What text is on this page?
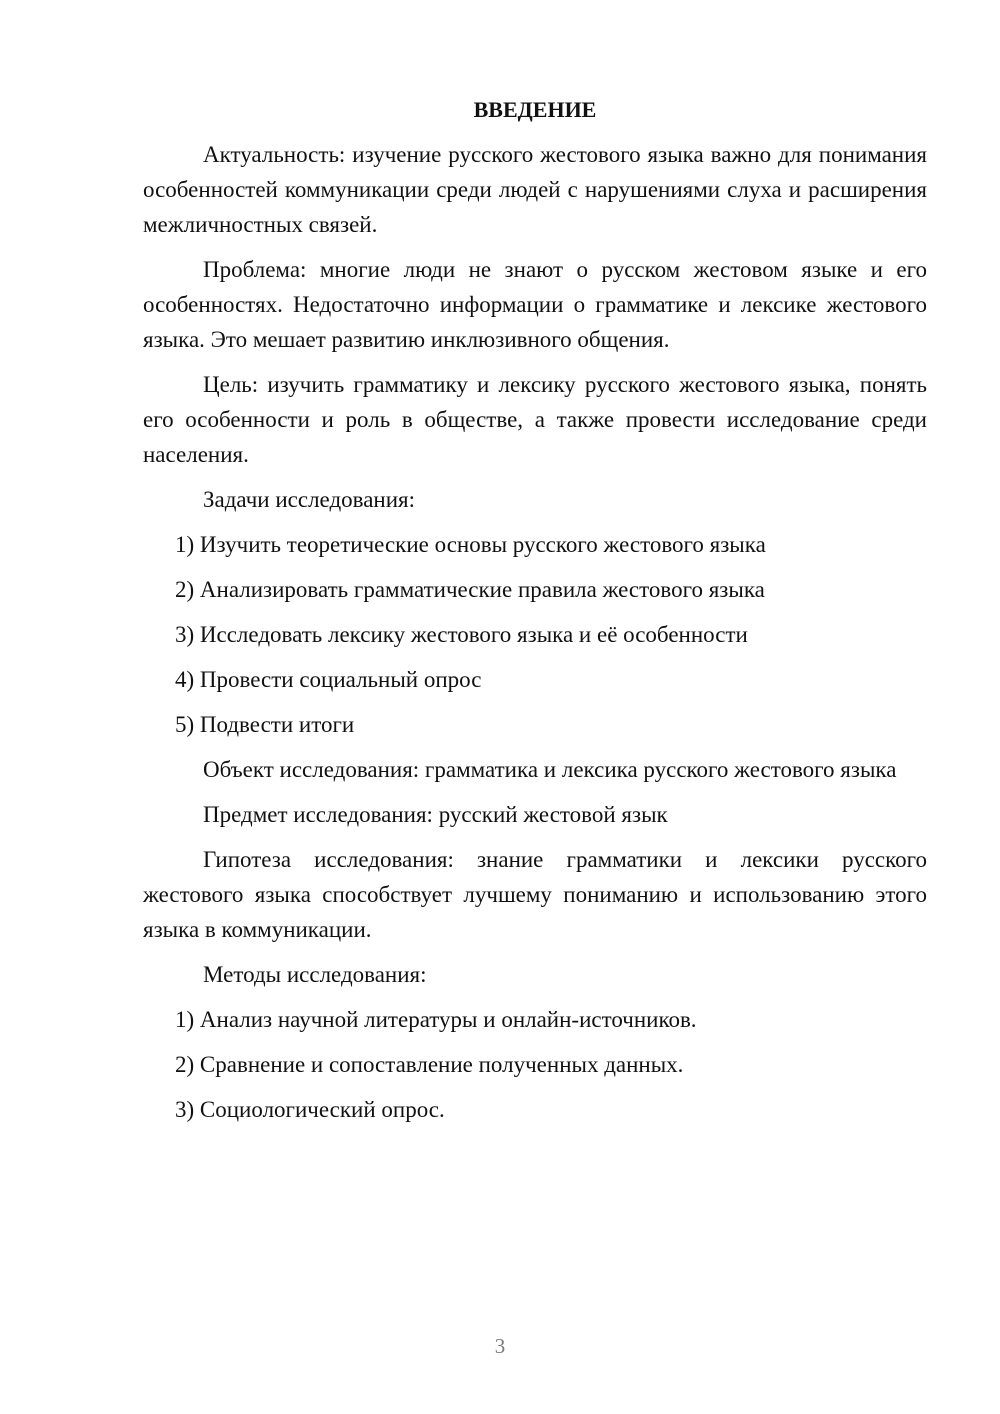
ВВЕДЕНИЕ

Актуальность: изучение русского жестового языка важно для понимания особенностей коммуникации среди людей с нарушениями слуха и расширения межличностных связей.

Проблема: многие люди не знают о русском жестовом языке и его особенностях. Недостаточно информации о грамматике и лексике жестового языка. Это мешает развитию инклюзивного общения.

Цель: изучить грамматику и лексику русского жестового языка, понять его особенности и роль в обществе, а также провести исследование среди населения.

Задачи исследования:

1) Изучить теоретические основы русского жестового языка
2) Анализировать грамматические правила жестового языка
3) Исследовать лексику жестового языка и её особенности
4) Провести социальный опрос
5) Подвести итоги

Объект исследования: грамматика и лексика русского жестового языка

Предмет исследования: русский жестовой язык

Гипотеза исследования: знание грамматики и лексики русского жестового языка способствует лучшему пониманию и использованию этого языка в коммуникации.

Методы исследования:

1) Анализ научной литературы и онлайн-источников.
2) Сравнение и сопоставление полученных данных.
3) Социологический опрос.
3
